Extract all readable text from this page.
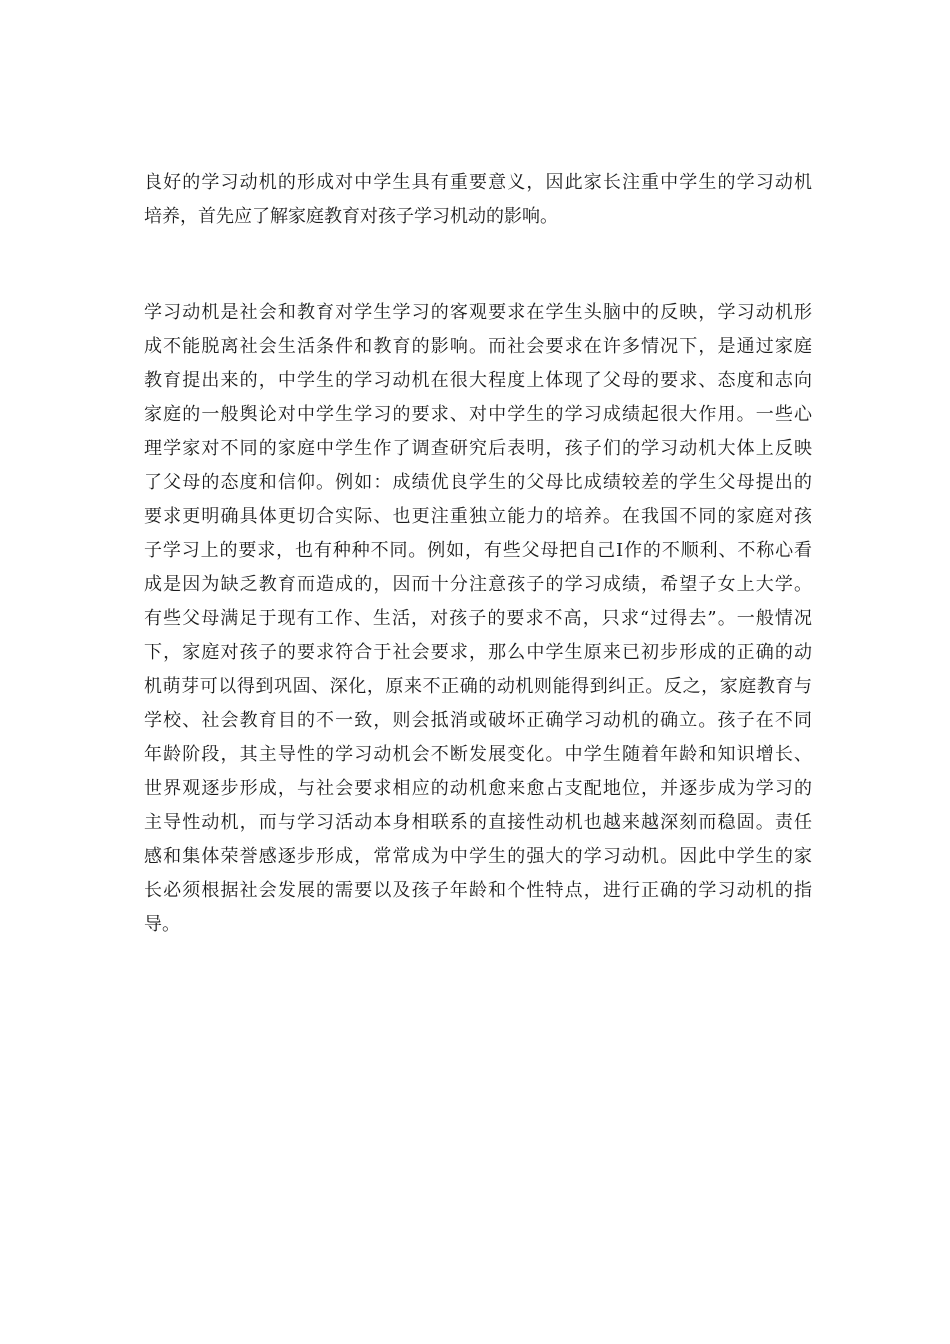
良好的学习动机的形成对中学生具有重要意义，因此家长注重中学生的学习动机
培养，首先应了解家庭教育对孩子学习机动的影响。
学习动机是社会和教育对学生学习的客观要求在学生头脑中的反映，学习动机形
成不能脱离社会生活条件和教育的影响。而社会要求在许多情况下，是通过家庭
教育提出来的，中学生的学习动机在很大程度上体现了父母的要求、态度和志向
家庭的一般舆论对中学生学习的要求、对中学生的学习成绩起很大作用。一些心
理学家对不同的家庭中学生作了调查研究后表明，孩子们的学习动机大体上反映
了父母的态度和信仰。例如：成绩优良学生的父母比成绩较差的学生父母提出的
要求更明确具体更切合实际、也更注重独立能力的培养。在我国不同的家庭对孩
子学习上的要求，也有种种不同。例如，有些父母把自己I作的不顺利、不称心看
成是因为缺乏教育而造成的，因而十分注意孩子的学习成绩，希望子女上大学。
有些父母满足于现有工作、生活，对孩子的要求不高，只求“过得去”。一般情况
下，家庭对孩子的要求符合于社会要求，那么中学生原来已初步形成的正确的动
机萌芽可以得到巩固、深化，原来不正确的动机则能得到纠正。反之，家庭教育与
学校、社会教育目的不一致，则会抵消或破坏正确学习动机的确立。孩子在不同
年龄阶段，其主导性的学习动机会不断发展变化。中学生随着年龄和知识增长、
世界观逐步形成，与社会要求相应的动机愈来愈占支配地位，并逐步成为学习的
主导性动机，而与学习活动本身相联系的直接性动机也越来越深刻而稳固。责任
感和集体荣誉感逐步形成，常常成为中学生的强大的学习动机。因此中学生的家
长必须根据社会发展的需要以及孩子年龄和个性特点，进行正确的学习动机的指
导。
